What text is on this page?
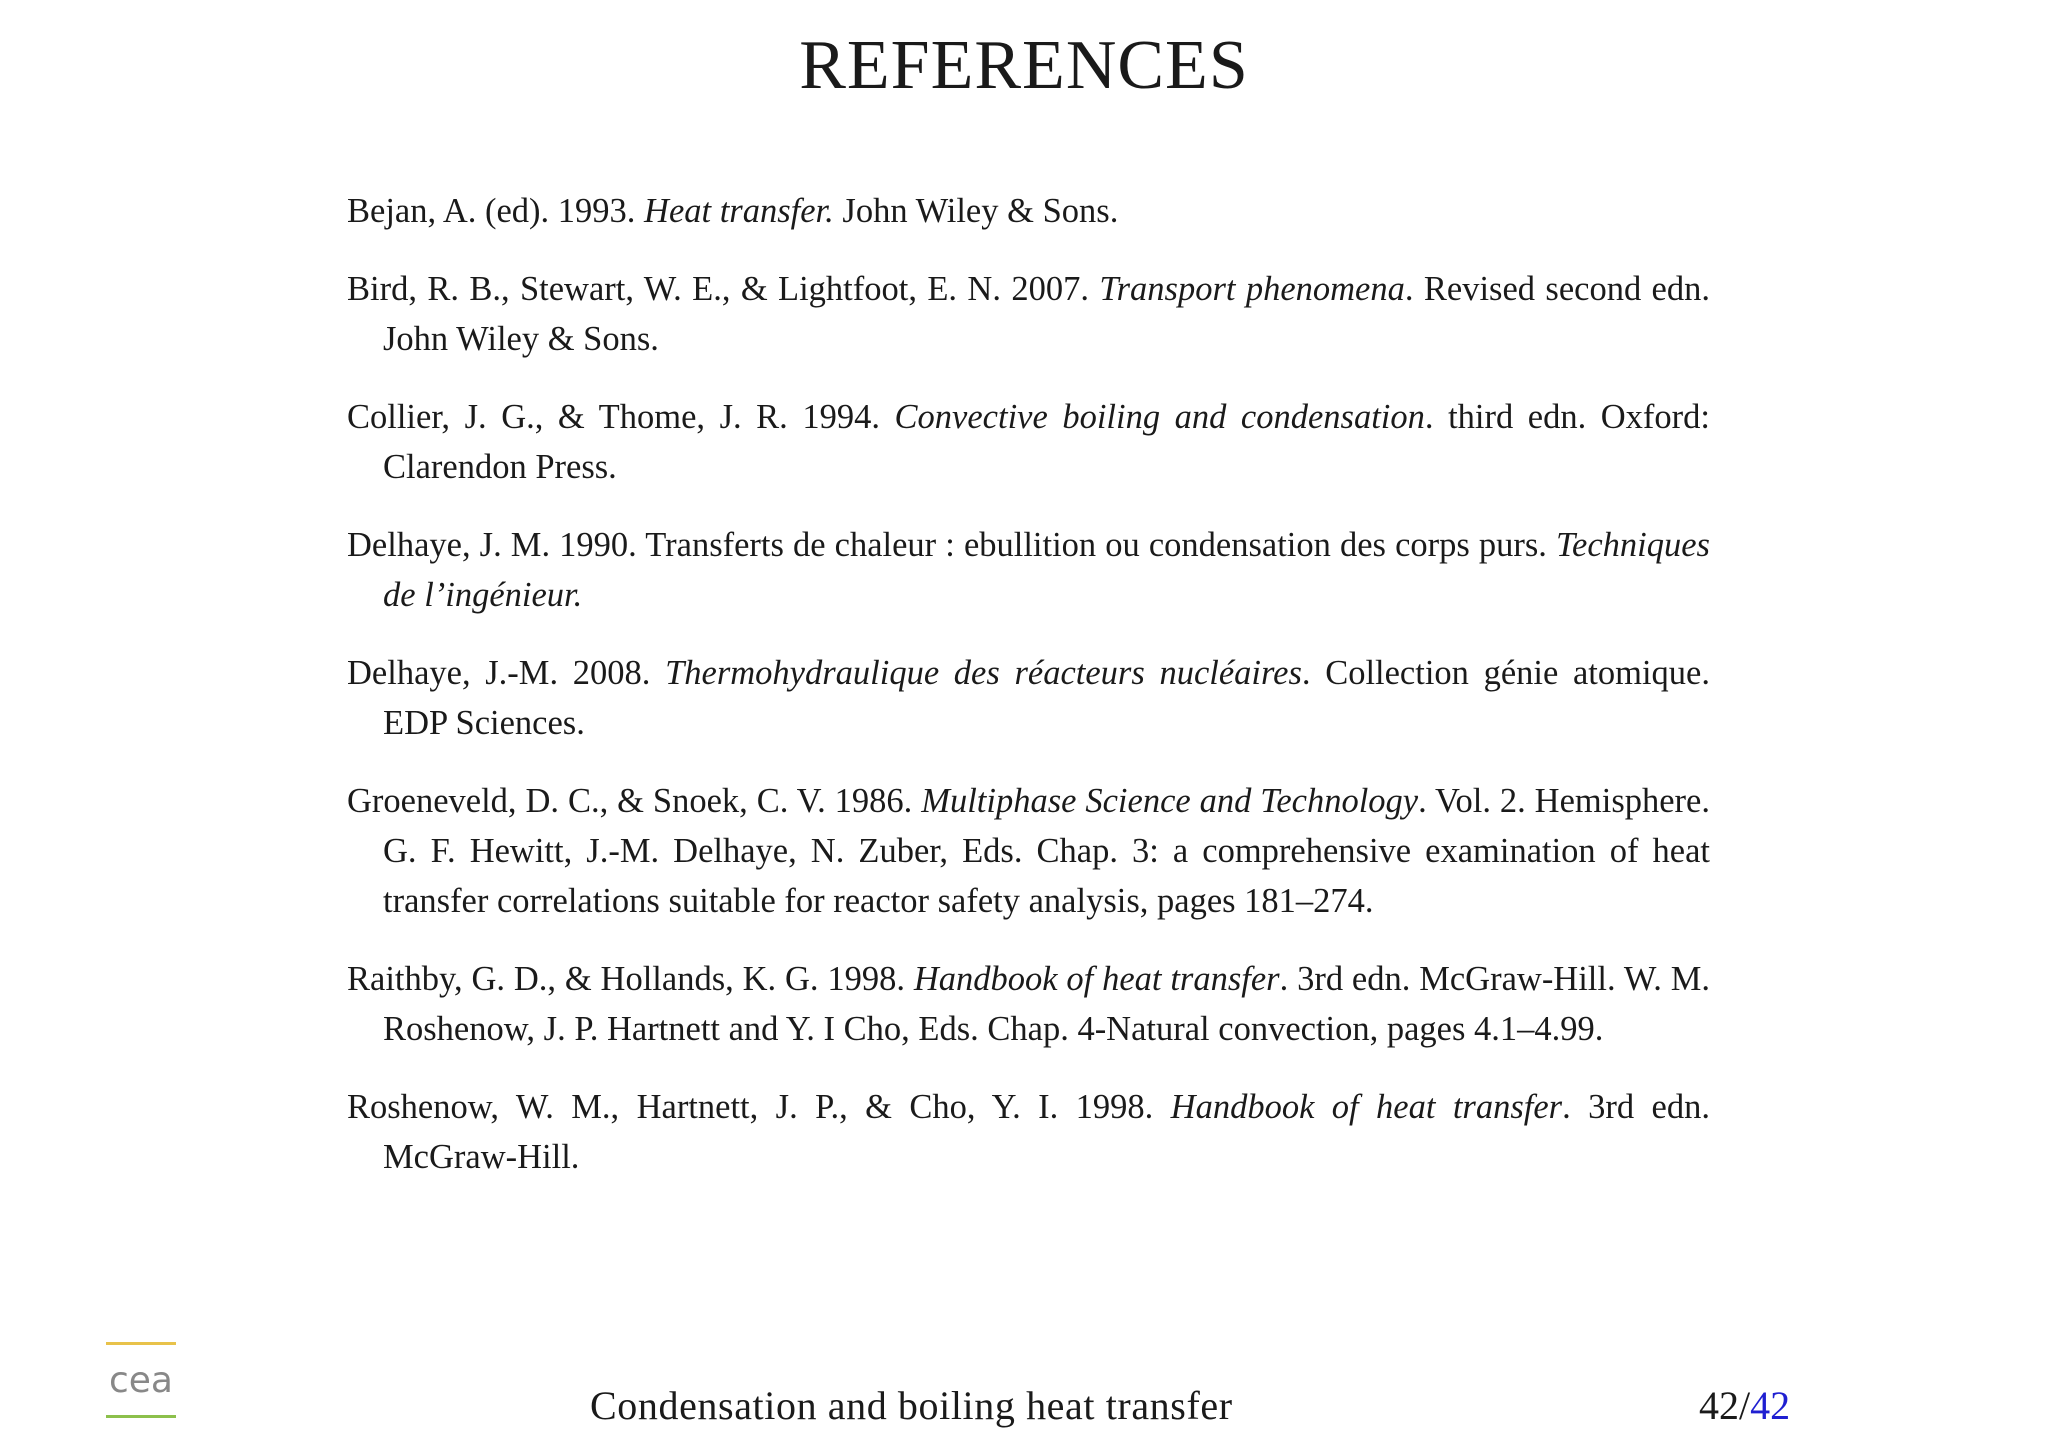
REFERENCES
Bejan, A. (ed). 1993. Heat transfer. John Wiley & Sons.
Bird, R. B., Stewart, W. E., & Lightfoot, E. N. 2007. Transport phenomena. Revised second edn. John Wiley & Sons.
Collier, J. G., & Thome, J. R. 1994. Convective boiling and condensation. third edn. Oxford: Clarendon Press.
Delhaye, J. M. 1990. Transferts de chaleur : ebullition ou condensation des corps purs. Techniques de l’ingénieur.
Delhaye, J.-M. 2008. Thermohydraulique des réacteurs nucléaires. Collection génie atomique. EDP Sciences.
Groeneveld, D. C., & Snoek, C. V. 1986. Multiphase Science and Technology. Vol. 2. Hemisphere. G. F. Hewitt, J.-M. Delhaye, N. Zuber, Eds. Chap. 3: a comprehensive examination of heat transfer correlations suitable for reactor safety analysis, pages 181–274.
Raithby, G. D., & Hollands, K. G. 1998. Handbook of heat transfer. 3rd edn. McGraw-Hill. W. M. Roshenow, J. P. Hartnett and Y. I Cho, Eds. Chap. 4-Natural convection, pages 4.1–4.99.
Roshenow, W. M., Hartnett, J. P., & Cho, Y. I. 1998. Handbook of heat transfer. 3rd edn. McGraw-Hill.
cea
Condensation and boiling heat transfer	42/42
